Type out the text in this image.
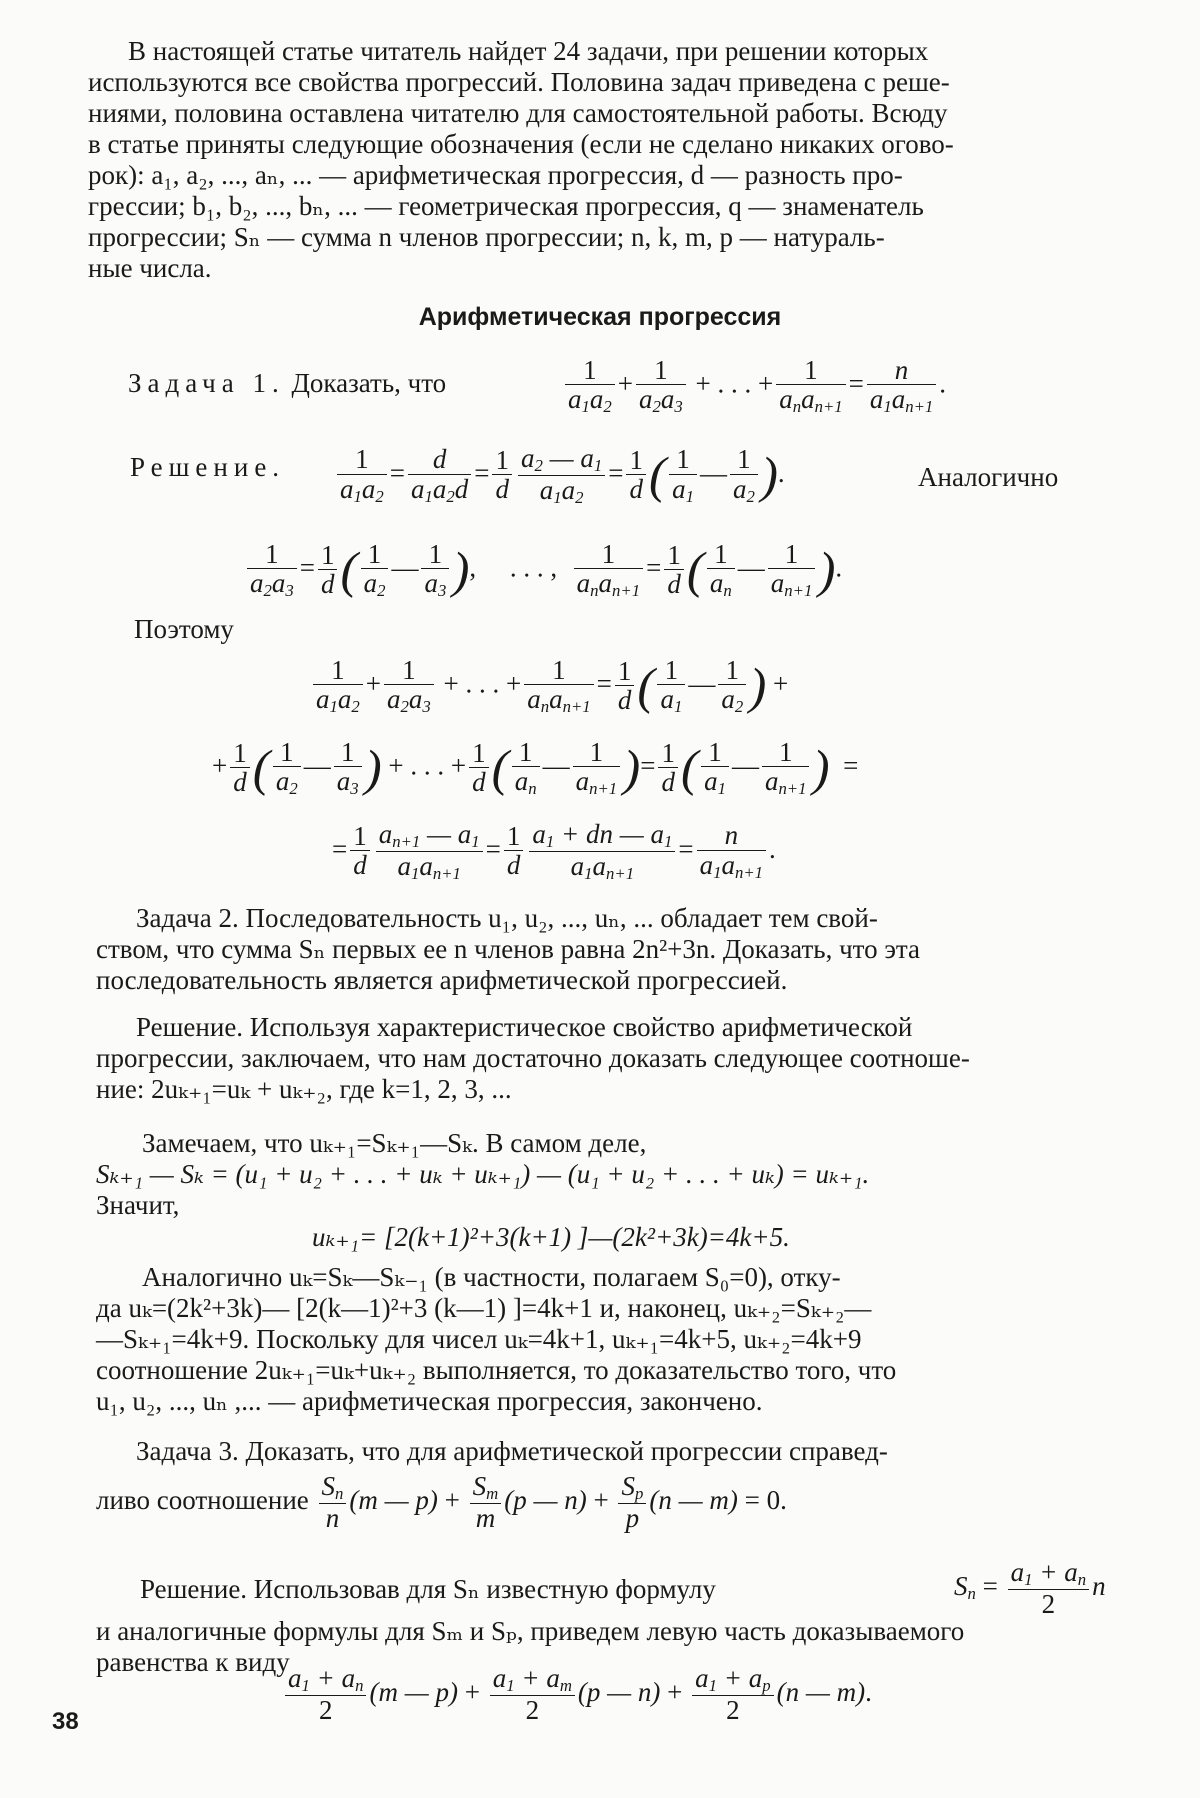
В настоящей статье читатель найдет 24 задачи, при решении которых
используются все свойства прогрессий. Половина задач приведена с реше-
ниями, половина оставлена читателю для самостоятельной работы. Всюду
в статье приняты следующие обозначения (если не сделано никаких огово-
рок): a₁, a₂, ..., aₙ, ... — арифметическая прогрессия, d — разность про-
грессии; b₁, b₂, ..., bₙ, ... — геометрическая прогрессия, q — знаменатель
прогрессии; Sₙ — сумма n членов прогрессии; n, k, m, p — натураль-
ные числа.
Арифметическая прогрессия
Задача 1. Доказать, что	$\frac{1}{a_1a_2} + \frac{1}{a_2a_3}$ + . . . + $\frac{1}{a_na_{n+1}} = \frac{n}{a_1a_{n+1}}$ .
Решение. $\frac{1}{a_1a_2} = \frac{d}{a_1a_2d} = \frac{1}{d} \frac{a_2 — a_1}{a_1a_2} = \frac{1}{d}$ ( $\frac{1}{a_1}$ — $\frac{1}{a_2}$ ).	Аналогично
$\frac{1}{a_2a_3} = \frac{1}{d}$ ( $\frac{1}{a_2}$ — $\frac{1}{a_3}$ ),     . . . , $\frac{1}{a_na_{n+1}} = \frac{1}{d}$ ( $\frac{1}{a_n}$ — $\frac{1}{a_{n+1}}$ ).
Поэтому
$\frac{1}{a_1a_2} + \frac{1}{a_2a_3}$ + . . . + $\frac{1}{a_na_{n+1}} = \frac{1}{d}$ ( $\frac{1}{a_1}$ — $\frac{1}{a_2}$ ) +
+ $\frac{1}{d}$ ( $\frac{1}{a_2}$ — $\frac{1}{a_3}$ ) + . . . + $\frac{1}{d}$ ( $\frac{1}{a_n}$ — $\frac{1}{a_{n+1}}$ )= $\frac{1}{d}$ ( $\frac{1}{a_1}$ — $\frac{1}{a_{n+1}}$ )  =
= $\frac{1}{d} \frac{a_{n+1} — a_1}{a_1a_{n+1}} = \frac{1}{d} \frac{a_1 + dn — a_1}{a_1a_{n+1}} = \frac{n}{a_1a_{n+1}}$ .
Задача 2. Последовательность u₁, u₂, ..., uₙ, ... обладает тем свой-
ством, что сумма Sₙ первых ее n членов равна 2n²+3n. Доказать, что эта
последовательность является арифметической прогрессией.
Решение. Используя характеристическое свойство арифметической
прогрессии, заключаем, что нам достаточно доказать следующее соотноше-
ние: 2uₖ₊₁=uₖ + uₖ₊₂, где k=1, 2, 3, ...
Замечаем, что uₖ₊₁=Sₖ₊₁—Sₖ. В самом деле,
Sₖ₊₁ — Sₖ = (u₁ + u₂ + . . . + uₖ + uₖ₊₁) — (u₁ + u₂ + . . . + uₖ) = uₖ₊₁.
Значит,
uₖ₊₁= [2(k+1)²+3(k+1) ]—(2k²+3k)=4k+5.
Аналогично uₖ=Sₖ—Sₖ₋₁ (в частности, полагаем S₀=0), отку-
да uₖ=(2k²+3k)— [2(k—1)²+3 (k—1) ]=4k+1 и, наконец, uₖ₊₂=Sₖ₊₂—
—Sₖ₊₁=4k+9. Поскольку для чисел uₖ=4k+1, uₖ₊₁=4k+5, uₖ₊₂=4k+9
соотношение 2uₖ₊₁=uₖ+uₖ₊₂ выполняется, то доказательство того, что
u₁, u₂, ..., uₙ ,... — арифметическая прогрессия, закончено.
Задача 3. Доказать, что для арифметической прогрессии справед-
ливо соотношение $\frac{S_n}{n} (m$ — $p) + \frac{S_m}{m} (p$ — $n) + \frac{S_p}{p} (n$ — m) = 0.
Решение. Использовав для Sₙ известную формулу	$S_n = \frac{a_1 + a_n}{2}$ n
и аналогичные формулы для Sₘ и Sₚ, приведем левую часть доказываемого
равенства к виду
$\frac{a_1 + a_n}{2} (m$ — $p) + \frac{a_1 + a_m}{2} (p$ — $n) + \frac{a_1 + a_p}{2} (n$ — m).
38
